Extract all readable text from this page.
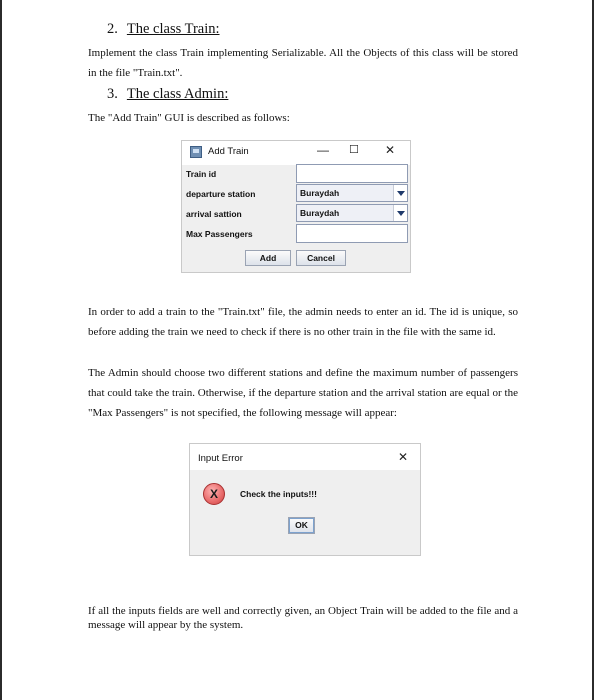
2. The class Train:
Implement the class Train implementing Serializable. All the Objects of this class will be stored in the file "Train.txt".
3. The class Admin:
The "Add Train" GUI is described as follows:
Add Train	— ☐ ✕
Train id
departure station	Buraydah
arrival sattion	Buraydah
Max Passengers
Add	Cancel
In order to add a train to the "Train.txt" file, the admin needs to enter an id. The id is unique, so before adding the train we need to check if there is no other train in the file with the same id.
The Admin should choose two different stations and define the maximum number of passengers that could take the train. Otherwise, if the departure station and the arrival station are equal or the "Max Passengers" is not specified, the following message will appear:
Input Error	✕
X	Check the inputs!!!
OK
If all the inputs fields are well and correctly given, an Object Train will be added to the file and a message will appear by the system.
